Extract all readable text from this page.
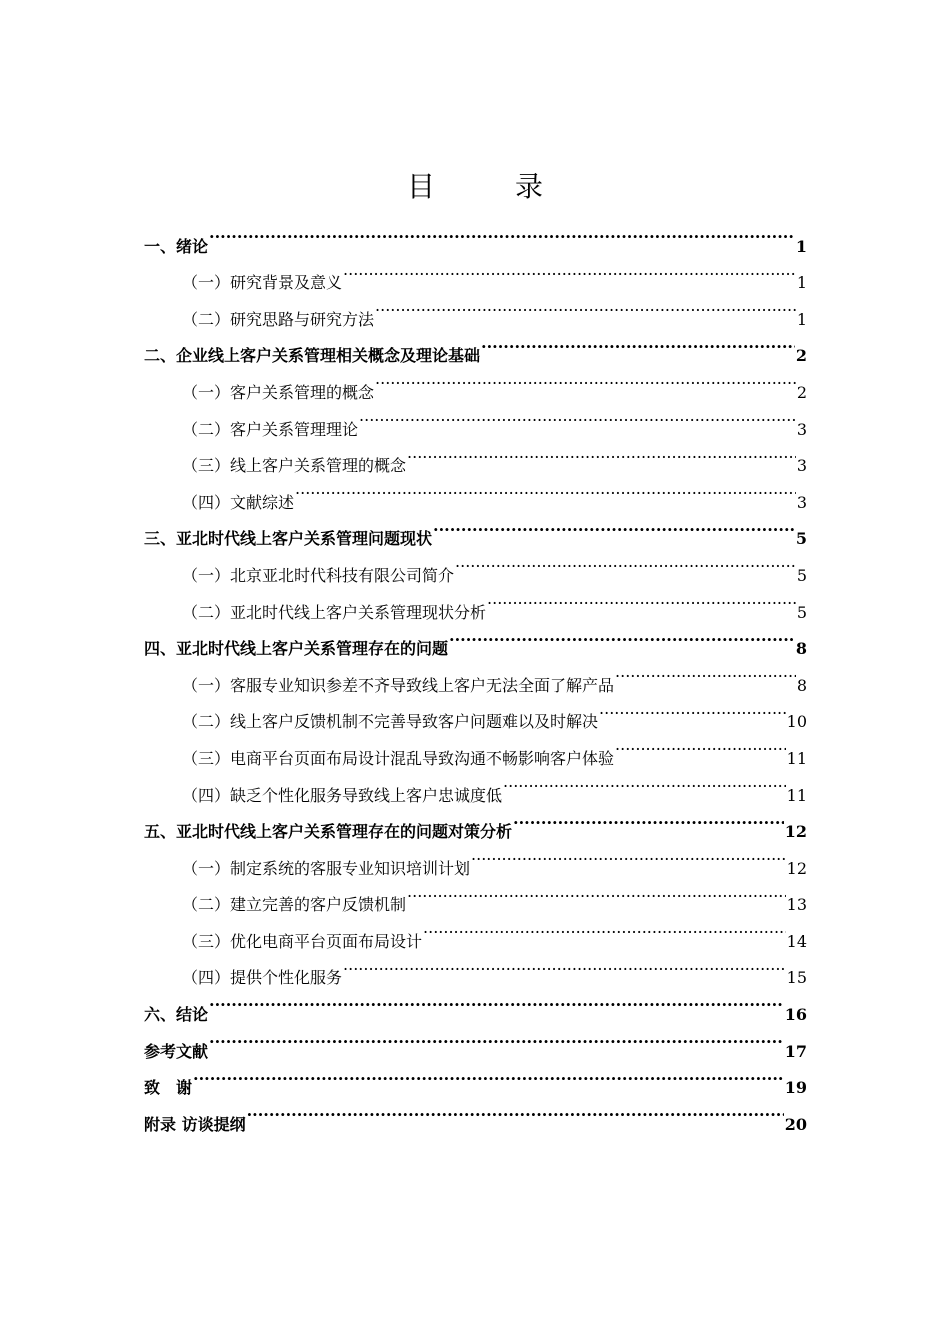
目　录
一、绪论 .....	1
（一）研究背景及意义 .....	1
（二）研究思路与研究方法 .....	1
二、企业线上客户关系管理相关概念及理论基础 .....	2
（一）客户关系管理的概念 .....	2
（二）客户关系管理理论 .....	3
（三）线上客户关系管理的概念 .....	3
（四）文献综述 .....	3
三、亚北时代线上客户关系管理问题现状 .....	5
（一）北京亚北时代科技有限公司简介 .....	5
（二）亚北时代线上客户关系管理现状分析 .....	5
四、亚北时代线上客户关系管理存在的问题 .....	8
（一）客服专业知识参差不齐导致线上客户无法全面了解产品 .....	8
（二）线上客户反馈机制不完善导致客户问题难以及时解决 .....	10
（三）电商平台页面布局设计混乱导致沟通不畅影响客户体验 .....	11
（四）缺乏个性化服务导致线上客户忠诚度低 .....	11
五、亚北时代线上客户关系管理存在的问题对策分析 .....	12
（一）制定系统的客服专业知识培训计划 .....	12
（二）建立完善的客户反馈机制 .....	13
（三）优化电商平台页面布局设计 .....	14
（四）提供个性化服务 .....	15
六、结论 .....	16
参考文献 .....	17
致　谢 .....	19
附录 访谈提纲 .....	20
